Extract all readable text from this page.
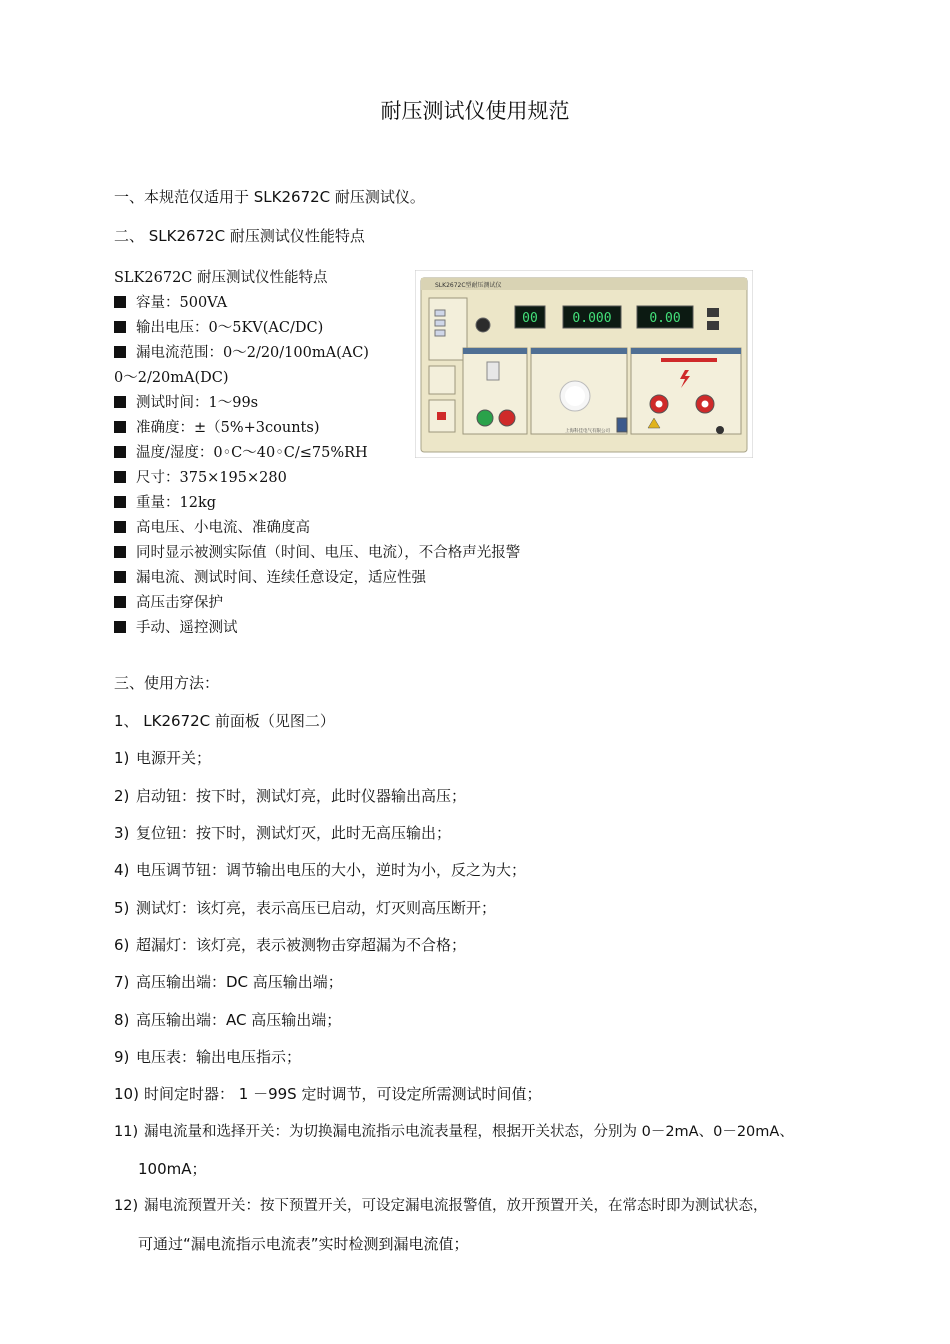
耐压测试仪使用规范
一、本规范仅适用于 SLK2672C 耐压测试仪。
二、 SLK2672C 耐压测试仪性能特点
SLK2672C 耐压测试仪性能特点
容量：500VA
输出电压：0～5KV(AC/DC)
漏电流范围：0～2/20/100mA(AC)
0～2/20mA(DC)
测试时间：1～99s
准确度：±（5%+3counts)
温度/湿度：0◦C～40◦C/≤75%RH
尺寸：375×195×280
重量：12kg
高电压、小电流、准确度高
同时显示被测实际值（时间、电压、电流），不合格声光报警
漏电流、测试时间、连续任意设定，适应性强
高压击穿保护
手动、遥控测试
SLK2672C型耐压测试仪
00	0.000	0.00
上海科佳电气有限公司
三、使用方法：
1、 LK2672C 前面板（见图二）
1) 电源开关；
2) 启动钮：按下时，测试灯亮，此时仪器输出高压；
3) 复位钮：按下时，测试灯灭，此时无高压输出；
4) 电压调节钮：调节输出电压的大小，逆时为小，反之为大；
5) 测试灯：该灯亮，表示高压已启动，灯灭则高压断开；
6) 超漏灯：该灯亮，表示被测物击穿超漏为不合格；
7) 高压输出端：DC 高压输出端；
8) 高压输出端：AC 高压输出端；
9) 电压表：输出电压指示；
10) 时间定时器： 1 －99S 定时调节，可设定所需测试时间值；
11) 漏电流量和选择开关：为切换漏电流指示电流表量程，根据开关状态，分别为 0－2mA、0－20mA、
100mA；
12) 漏电流预置开关：按下预置开关，可设定漏电流报警值，放开预置开关，在常态时即为测试状态，
可通过“漏电流指示电流表”实时检测到漏电流值；
